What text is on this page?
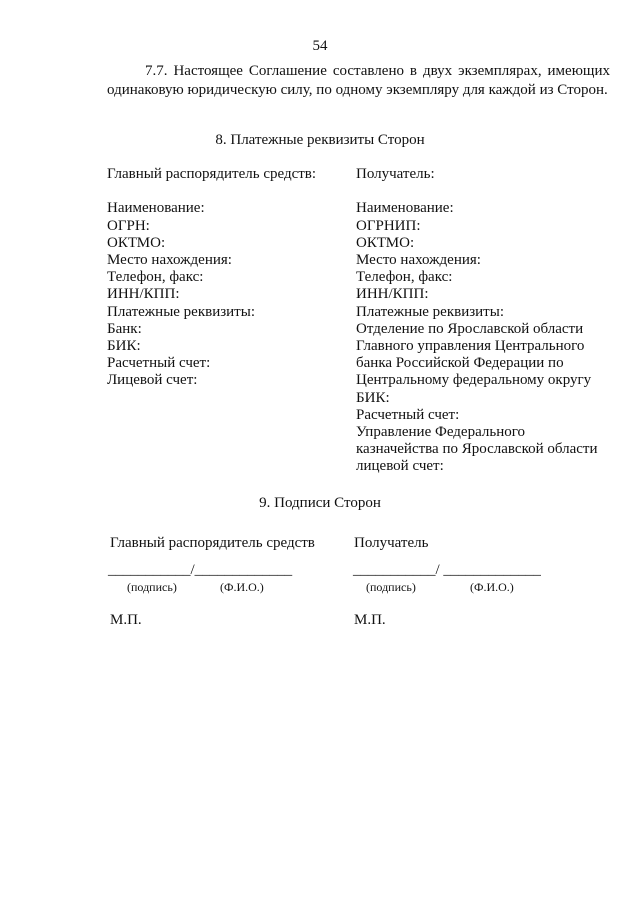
54
7.7. Настоящее Соглашение составлено в двух экземплярах, имеющих одинаковую юридическую силу, по одному экземпляру для каждой из Сторон.
8. Платежные реквизиты Сторон
Главный распорядитель средств:
Наименование:
ОГРН:
ОКТМО:
Место нахождения:
Телефон, факс:
ИНН/КПП:
Платежные реквизиты:
Банк:
БИК:
Расчетный счет:
Лицевой счет:
Получатель:
Наименование:
ОГРНИП:
ОКТМО:
Место нахождения:
Телефон, факс:
ИНН/КПП:
Платежные реквизиты:
Отделение по Ярославской области
Главного управления Центрального
банка Российской Федерации по
Центральному федеральному округу
БИК:
Расчетный счет:
Управление Федерального
казначейства по Ярославской области
лицевой счет:
9. Подписи Сторон
Главный распорядитель средств
___________/_____________
(подпись)	(Ф.И.О.)
М.П.
Получатель
___________/ _____________
(подпись)	(Ф.И.О.)
М.П.
